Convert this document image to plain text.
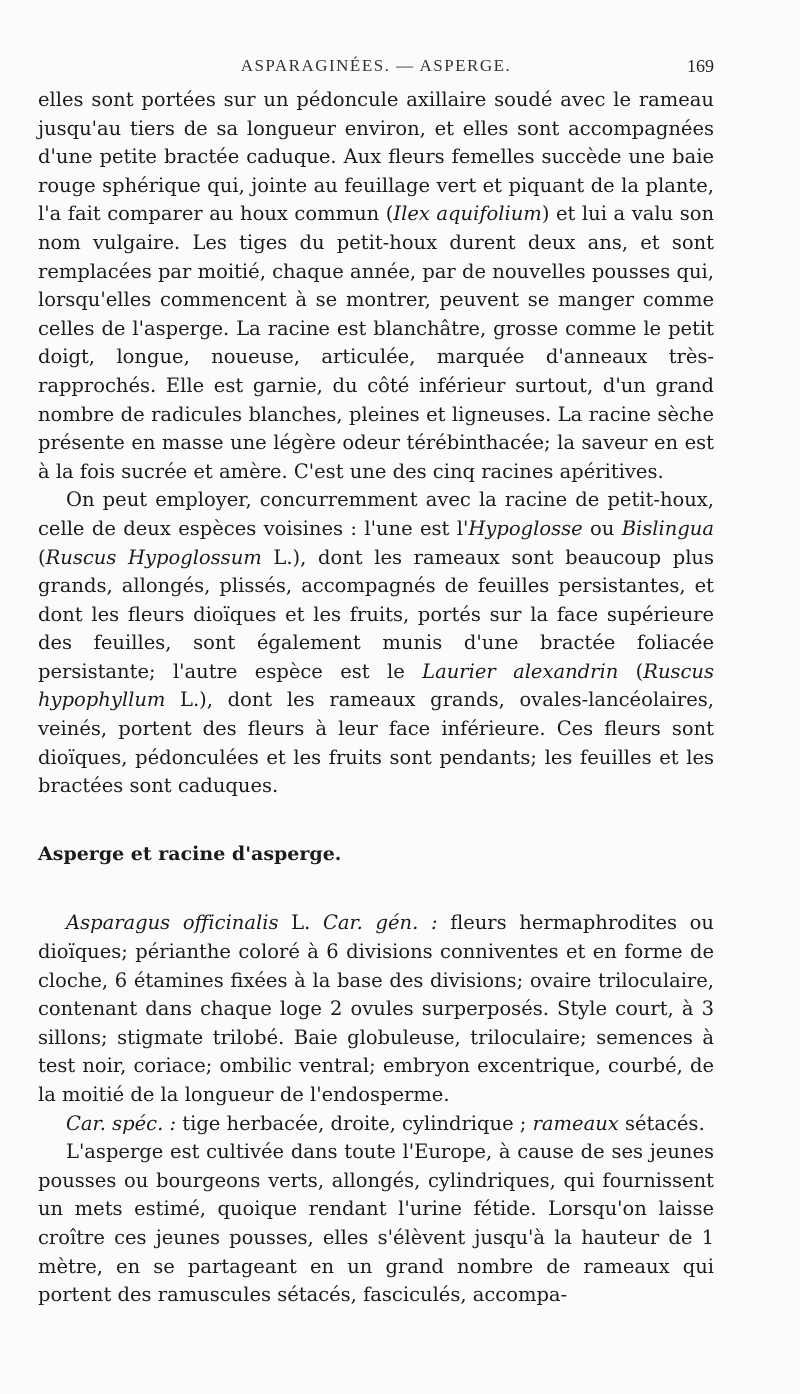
ASPARAGINÉES. — ASPERGE.	169

elles sont portées sur un pédoncule axillaire soudé avec le rameau jusqu'au tiers de sa longueur environ, et elles sont accompagnées d'une petite bractée caduque. Aux fleurs femelles succède une baie rouge sphérique qui, jointe au feuillage vert et piquant de la plante, l'a fait comparer au houx commun (Ilex aquifolium) et lui a valu son nom vulgaire. Les tiges du petit-houx durent deux ans, et sont remplacées par moitié, chaque année, par de nouvelles pousses qui, lorsqu'elles commencent à se montrer, peuvent se manger comme celles de l'asperge. La racine est blanchâtre, grosse comme le petit doigt, longue, noueuse, articulée, marquée d'anneaux très-rapprochés. Elle est garnie, du côté inférieur surtout, d'un grand nombre de radicules blanches, pleines et ligneuses. La racine sèche présente en masse une légère odeur térébinthacée; la saveur en est à la fois sucrée et amère. C'est une des cinq racines apéritives.

On peut employer, concurremment avec la racine de petit-houx, celle de deux espèces voisines : l'une est l'Hypoglosse ou Bislingua (Ruscus Hypoglossum L.), dont les rameaux sont beaucoup plus grands, allongés, plissés, accompagnés de feuilles persistantes, et dont les fleurs dioïques et les fruits, portés sur la face supérieure des feuilles, sont également munis d'une bractée foliacée persistante; l'autre espèce est le Laurier alexandrin (Ruscus hypophyllum L.), dont les rameaux grands, ovales-lancéolaires, veinés, portent des fleurs à leur face inférieure. Ces fleurs sont dioïques, pédonculées et les fruits sont pendants; les feuilles et les bractées sont caduques.

Asperge et racine d'asperge.

Asparagus officinalis L. Car. gén. : fleurs hermaphrodites ou dioïques; périanthe coloré à 6 divisions conniventes et en forme de cloche, 6 étamines fixées à la base des divisions; ovaire triloculaire, contenant dans chaque loge 2 ovules surperposés. Style court, à 3 sillons; stigmate trilobé. Baie globuleuse, triloculaire; semences à test noir, coriace; ombilic ventral; embryon excentrique, courbé, de la moitié de la longueur de l'endosperme.

Car. spéc. : tige herbacée, droite, cylindrique ; rameaux sétacés.

L'asperge est cultivée dans toute l'Europe, à cause de ses jeunes pousses ou bourgeons verts, allongés, cylindriques, qui fournissent un mets estimé, quoique rendant l'urine fétide. Lorsqu'on laisse croître ces jeunes pousses, elles s'élèvent jusqu'à la hauteur de 1 mètre, en se partageant en un grand nombre de rameaux qui portent des ramuscules sétacés, fasciculés, accompa-
